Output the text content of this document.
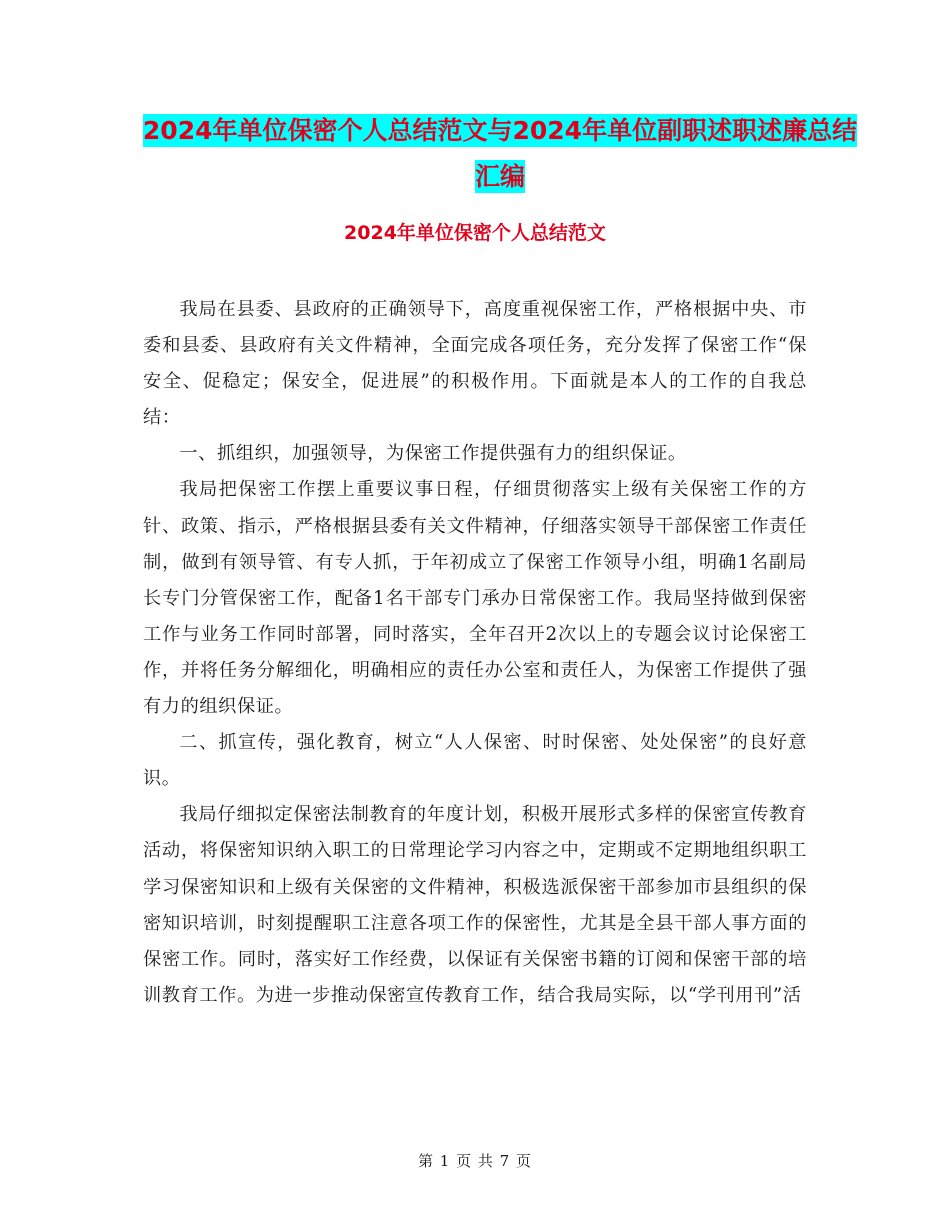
2024年单位保密个人总结范文与2024年单位副职述职述廉总结汇编
2024年单位保密个人总结范文

我局在县委、县政府的正确领导下，高度重视保密工作，严格根据中央、市委和县委、县政府有关文件精神，全面完成各项任务，充分发挥了保密工作“保安全、促稳定；保安全，促进展”的积极作用。下面就是本人的工作的自我总结：

一、抓组织，加强领导，为保密工作提供强有力的组织保证。

我局把保密工作摆上重要议事日程，仔细贯彻落实上级有关保密工作的方针、政策、指示，严格根据县委有关文件精神，仔细落实领导干部保密工作责任制，做到有领导管、有专人抓，于年初成立了保密工作领导小组，明确1名副局长专门分管保密工作，配备1名干部专门承办日常保密工作。我局坚持做到保密工作与业务工作同时部署，同时落实，全年召开2次以上的专题会议讨论保密工作，并将任务分解细化，明确相应的责任办公室和责任人，为保密工作提供了强有力的组织保证。

二、抓宣传，强化教育，树立“人人保密、时时保密、处处保密”的良好意识。

我局仔细拟定保密法制教育的年度计划，积极开展形式多样的保密宣传教育活动，将保密知识纳入职工的日常理论学习内容之中，定期或不定期地组织职工学习保密知识和上级有关保密的文件精神，积极选派保密干部参加市县组织的保密知识培训，时刻提醒职工注意各项工作的保密性，尤其是全县干部人事方面的保密工作。同时，落实好工作经费，以保证有关保密书籍的订阅和保密干部的培训教育工作。为进一步推动保密宣传教育工作，结合我局实际，以“学刊用刊”活

第 1 页 共 7 页
